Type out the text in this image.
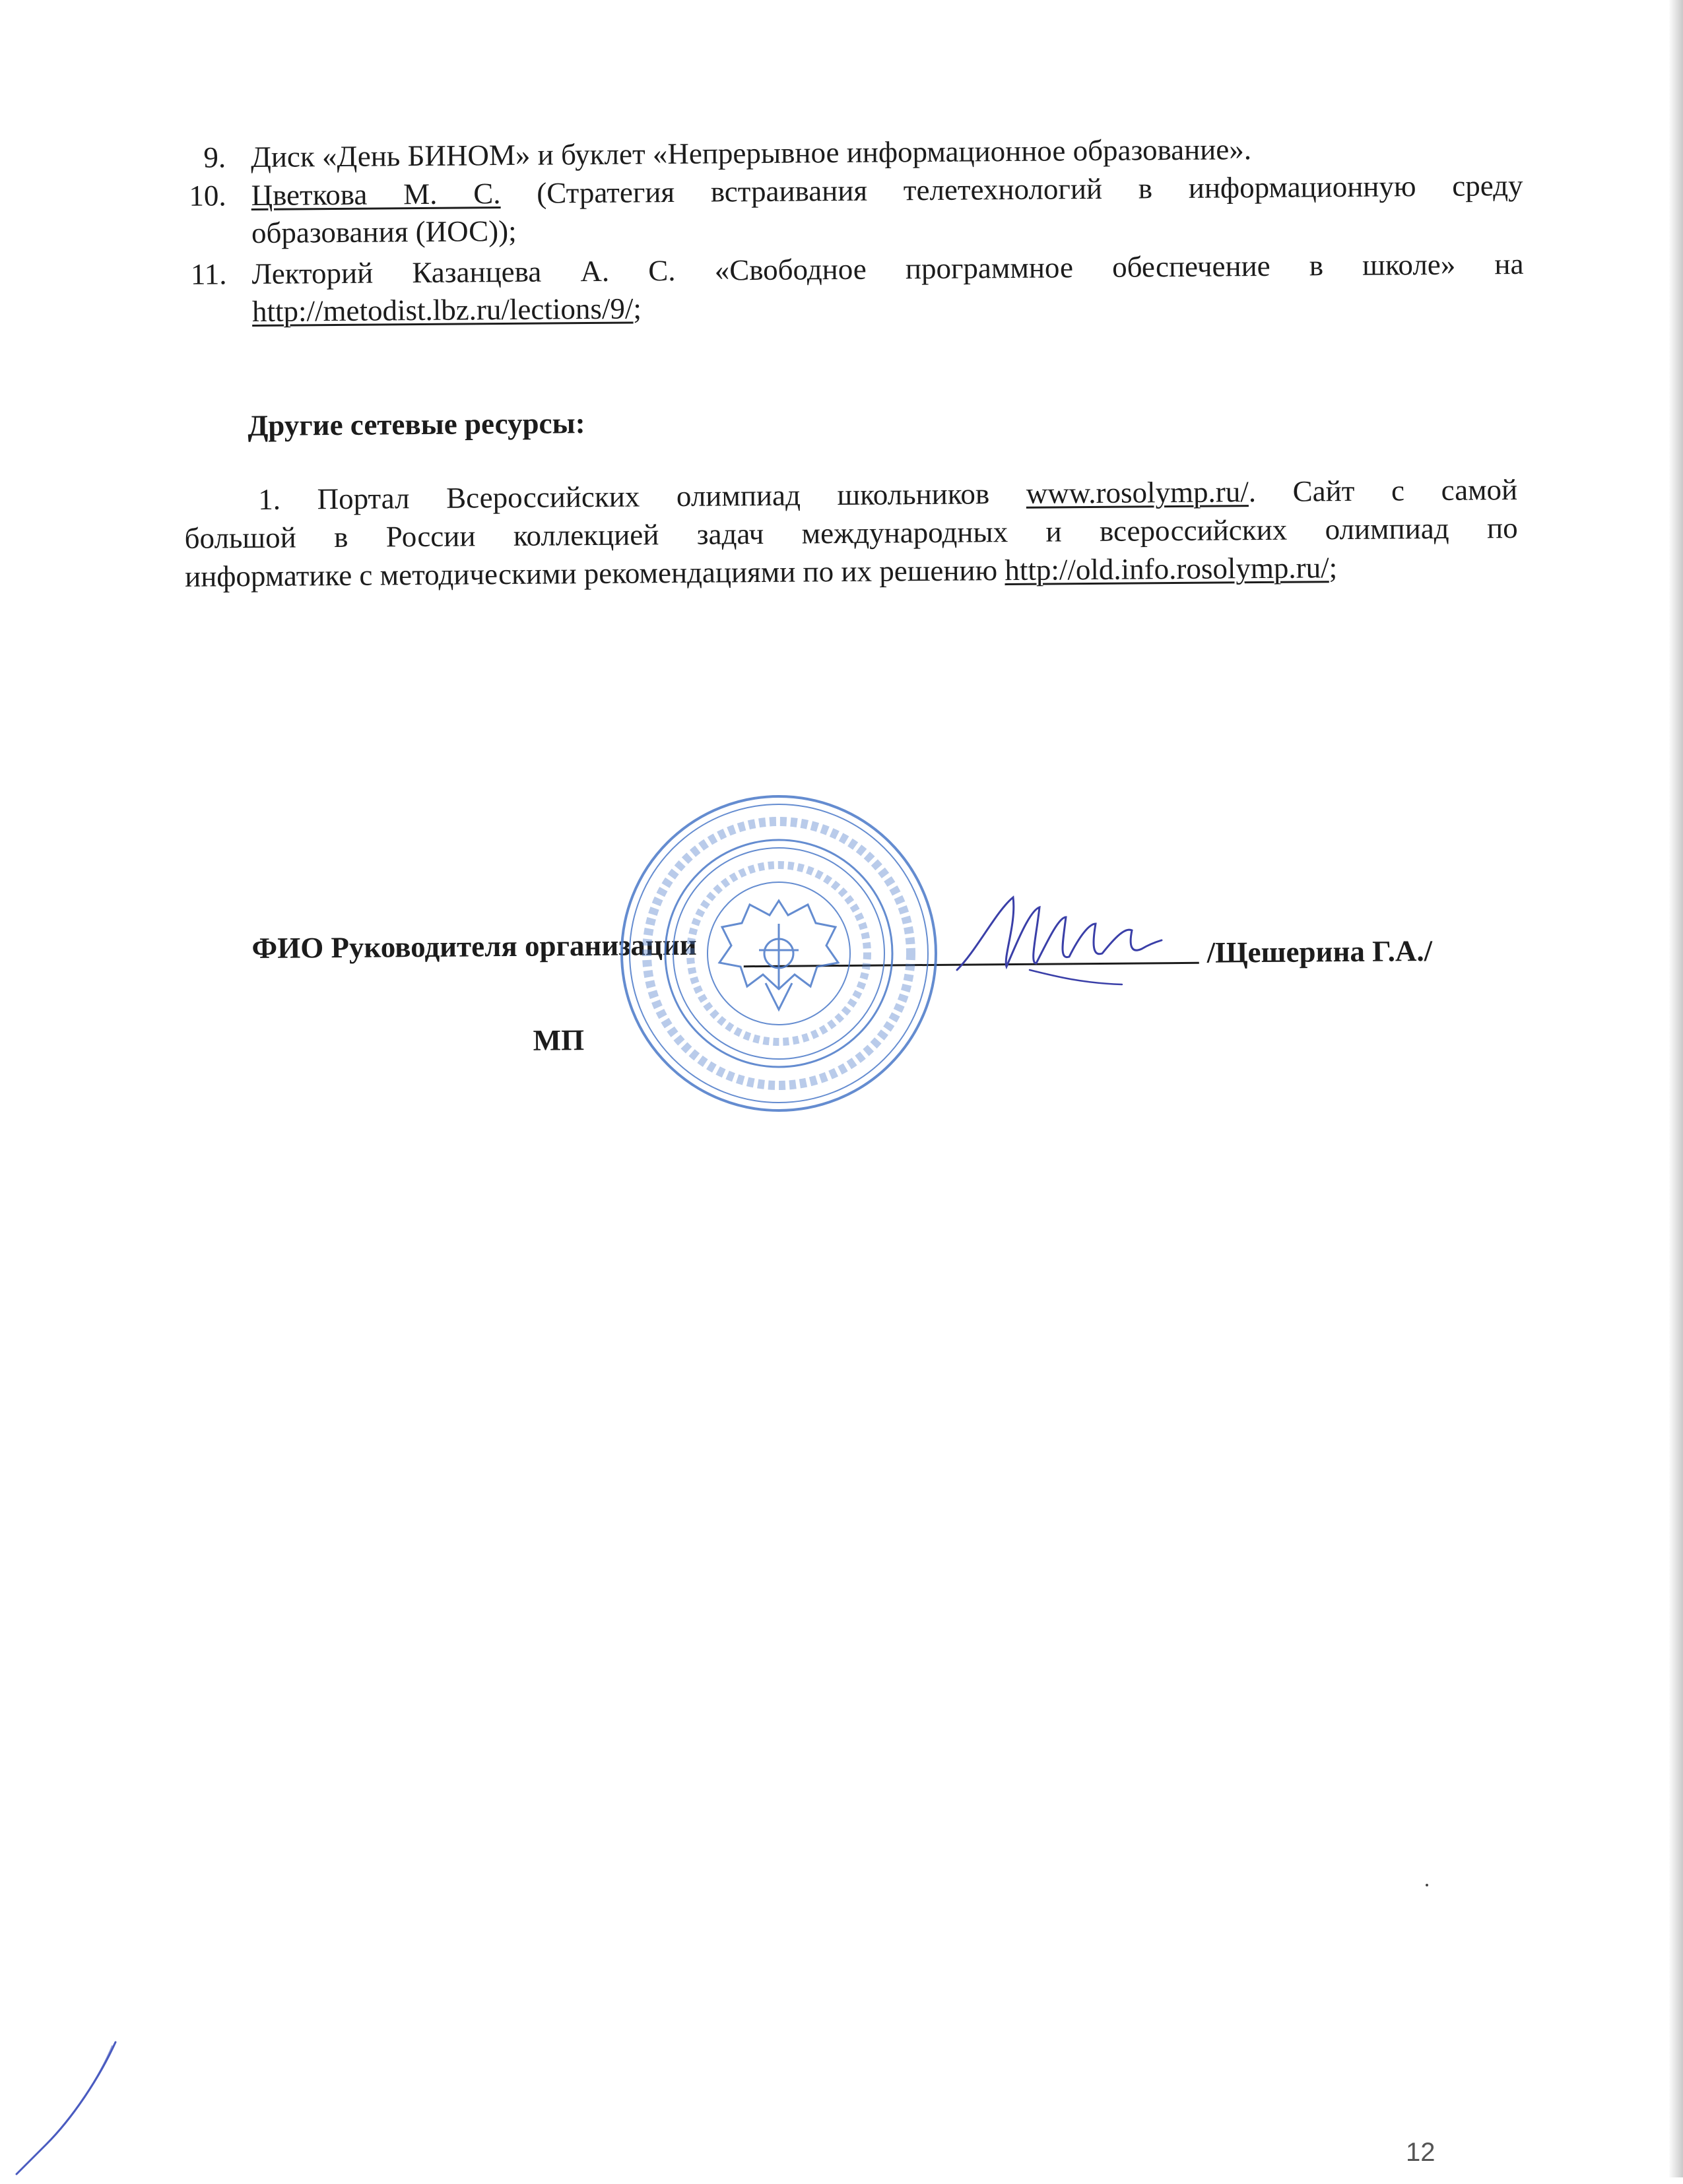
9. Диск «День БИНОМ» и буклет «Непрерывное информационное образование».
10. Цветкова М. С. (Стратегия встраивания телетехнологий в информационную среду
образования (ИОС));
11. Лекторий Казанцева А. С. «Свободное программное обеспечение в школе» на
http://metodist.lbz.ru/lections/9/;
Другие сетевые ресурсы:
1. Портал Всероссийских олимпиад школьников www.rosolymp.ru/. Сайт с самой
большой в России коллекцией задач международных и всероссийских олимпиад по
информатике с методическими рекомендациями по их решению http://old.info.rosolymp.ru/;
ФИО Руководителя организации	/Щешерина Г.А./
МП
12
